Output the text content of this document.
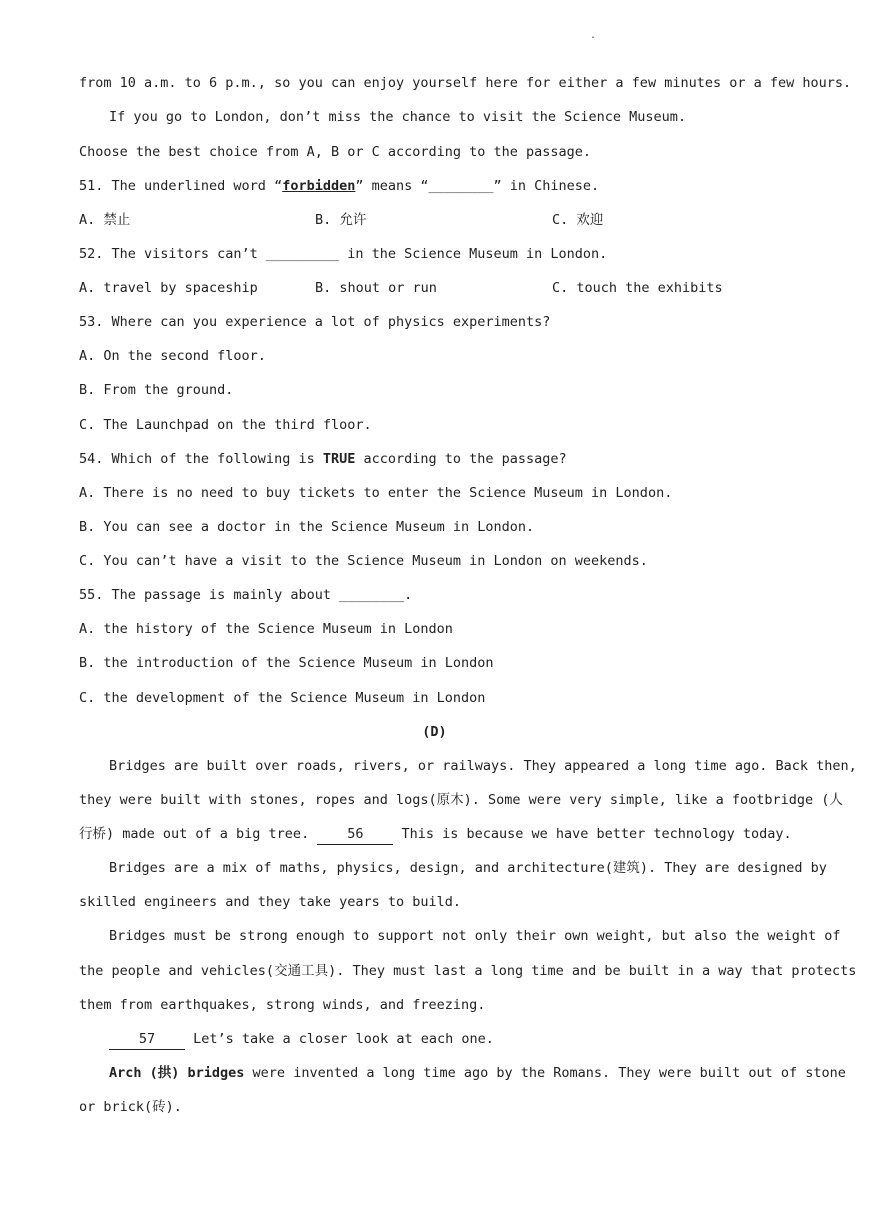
.
from 10 a.m. to 6 p.m., so you can enjoy yourself here for either a few minutes or a few hours.
If you go to London, don’t miss the chance to visit the Science Museum.
Choose the best choice from A, B or C according to the passage.
51. The underlined word “forbidden” means “________” in Chinese.
A. 禁止	B. 允许	C. 欢迎
52. The visitors can’t _________ in the Science Museum in London.
A. travel by spaceship	B. shout or run	C. touch the exhibits
53. Where can you experience a lot of physics experiments?
A. On the second floor.
B. From the ground.
C. The Launchpad on the third floor.
54. Which of the following is TRUE according to the passage?
A. There is no need to buy tickets to enter the Science Museum in London.
B. You can see a doctor in the Science Museum in London.
C. You can’t have a visit to the Science Museum in London on weekends.
55. The passage is mainly about ________.
A. the history of the Science Museum in London
B. the introduction of the Science Museum in London
C. the development of the Science Museum in London
(D)
Bridges are built over roads, rivers, or railways. They appeared a long time ago. Back then,
they were built with stones, ropes and logs(原木). Some were very simple, like a footbridge (人
行桥) made out of a big tree. 56 This is because we have better technology today.
Bridges are a mix of maths, physics, design, and architecture(建筑). They are designed by
skilled engineers and they take years to build.
Bridges must be strong enough to support not only their own weight, but also the weight of
the people and vehicles(交通工具). They must last a long time and be built in a way that protects
them from earthquakes, strong winds, and freezing.
57 Let’s take a closer look at each one.
Arch (拱) bridges were invented a long time ago by the Romans. They were built out of stone
or brick(砖).
